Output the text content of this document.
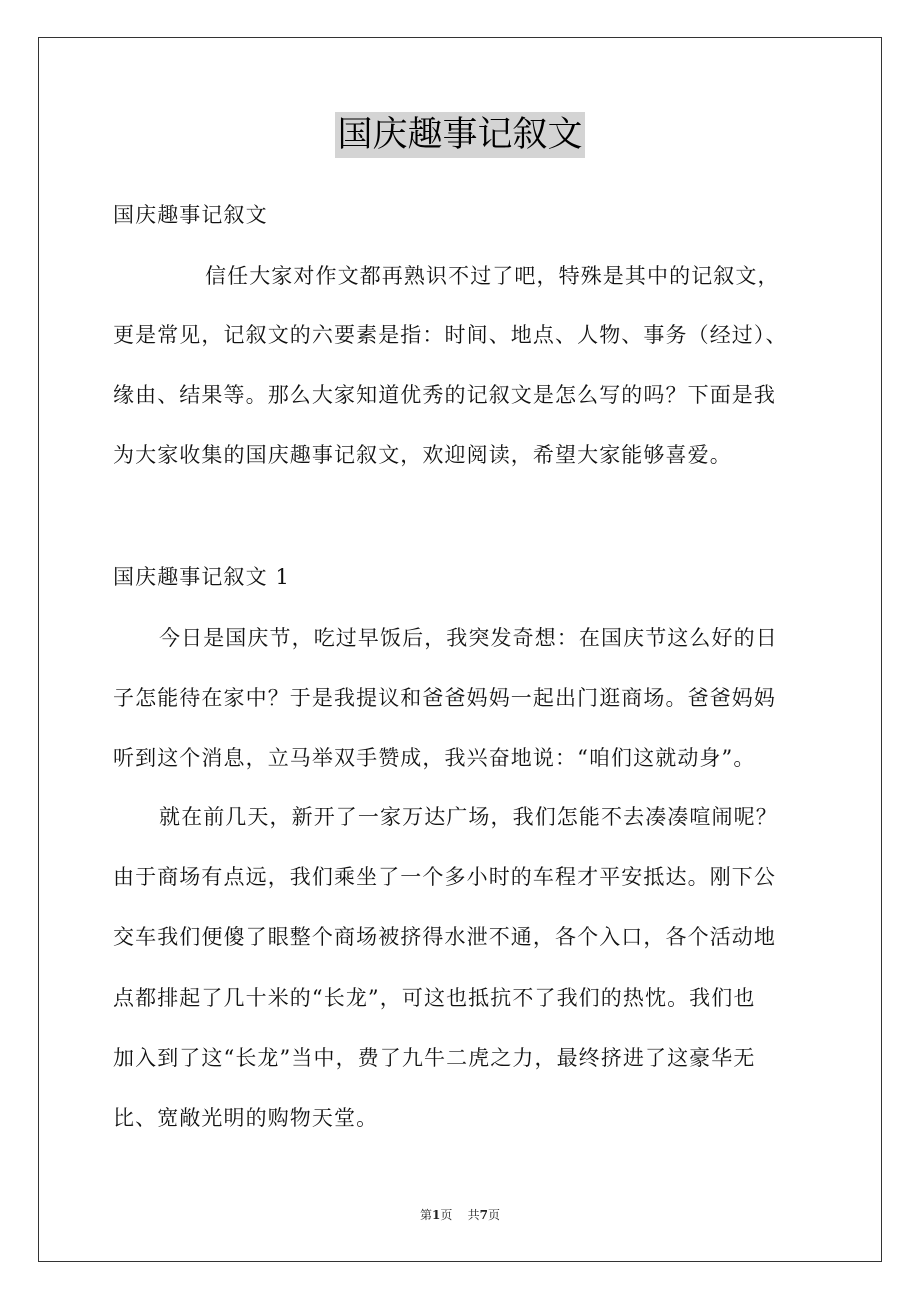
国庆趣事记叙文
国庆趣事记叙文
信任大家对作文都再熟识不过了吧，特殊是其中的记叙文，
更是常见，记叙文的六要素是指：时间、地点、人物、事务（经过）、
缘由、结果等。那么大家知道优秀的记叙文是怎么写的吗？下面是我
为大家收集的国庆趣事记叙文，欢迎阅读，希望大家能够喜爱。
国庆趣事记叙文 1
今日是国庆节，吃过早饭后，我突发奇想：在国庆节这么好的日
子怎能待在家中？于是我提议和爸爸妈妈一起出门逛商场。爸爸妈妈
听到这个消息，立马举双手赞成，我兴奋地说：“咱们这就动身”。
就在前几天，新开了一家万达广场，我们怎能不去凑凑喧闹呢？
由于商场有点远，我们乘坐了一个多小时的车程才平安抵达。刚下公
交车我们便傻了眼整个商场被挤得水泄不通，各个入口，各个活动地
点都排起了几十米的“长龙”，可这也抵抗不了我们的热忱。我们也
加入到了这“长龙”当中，费了九牛二虎之力，最终挤进了这豪华无
比、宽敞光明的购物天堂。
第1页 共7页
